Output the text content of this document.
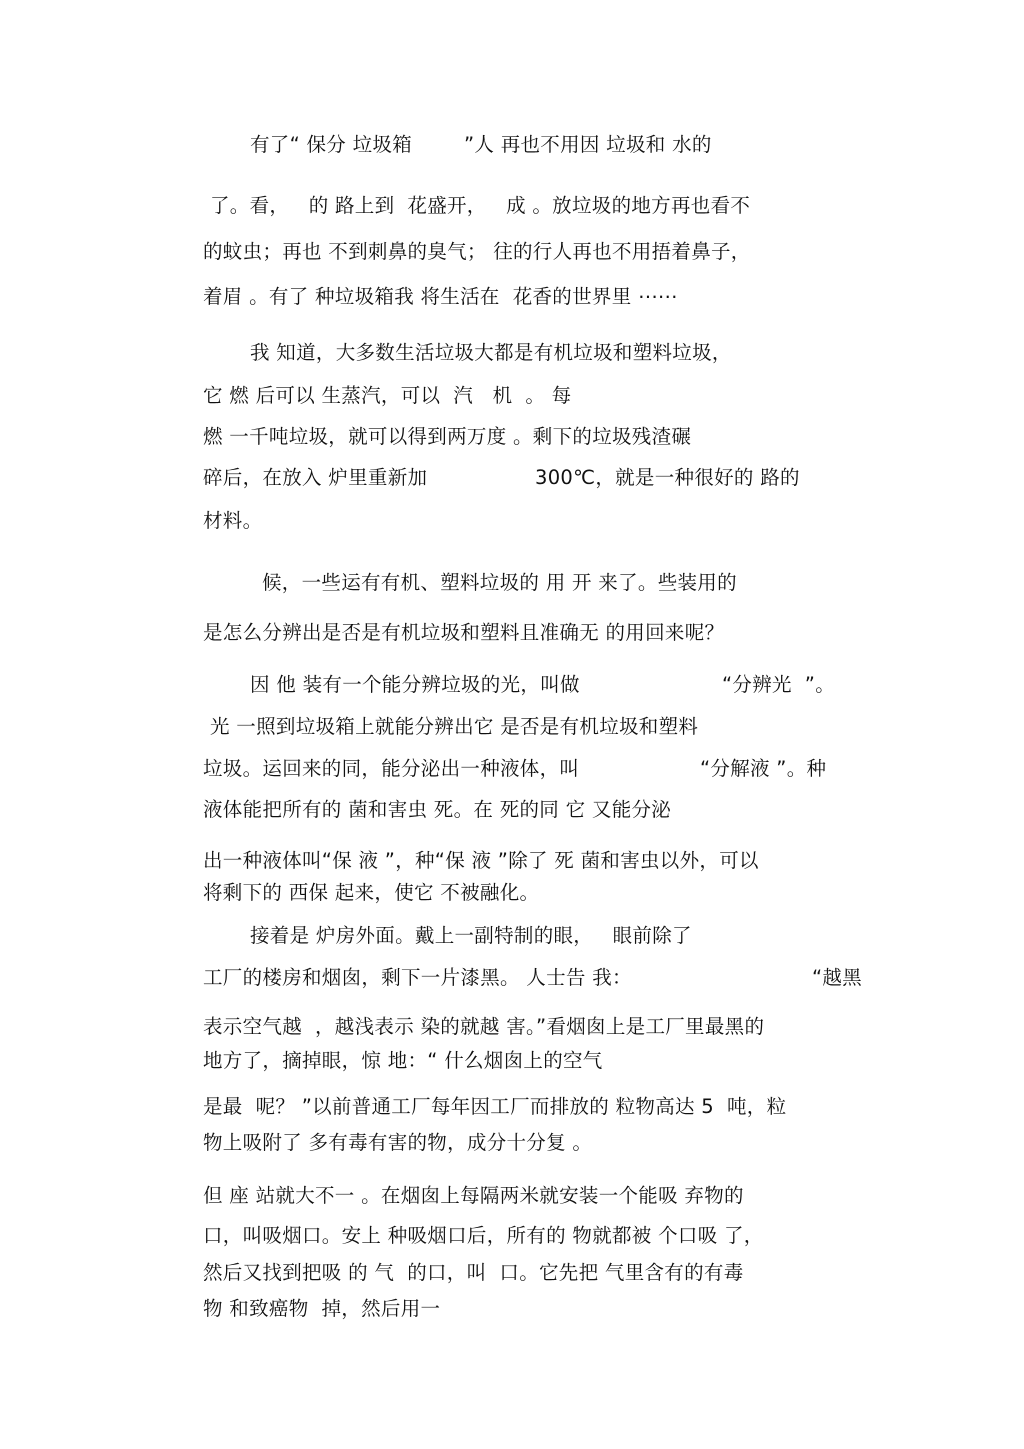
有了“ 保分 垃圾箱        ”人 再也不用因 垃圾和 水的
了。看，   的 路上到  花盛开，   成 。放垃圾的地方再也看不
的蚊虫；再也 不到刺鼻的臭气； 往的行人再也不用捂着鼻子，
着眉 。有了 种垃圾箱我 将生活在  花香的世界里 ⋯⋯
我 知道，大多数生活垃圾大都是有机垃圾和塑料垃圾，
它 燃 后可以 生蒸汽，可以  汽   机  。 每
燃 一千吨垃圾，就可以得到两万度 。剩下的垃圾残渣碾
碎后，在放入 炉里重新加	300℃，就是一种很好的 路的
材料。
候，一些运有有机、塑料垃圾的 用 开 来了。些装用的
是怎么分辨出是否是有机垃圾和塑料且准确无 的用回来呢？
因 他 装有一个能分辨垃圾的光，叫做	“分辨光  ”。
光 一照到垃圾箱上就能分辨出它 是否是有机垃圾和塑料
垃圾。运回来的同，能分泌出一种液体，叫	“分解液 ”。种
液体能把所有的 菌和害虫 死。在 死的同 它 又能分泌
出一种液体叫“保 液 ”，种“保 液 ”除了 死 菌和害虫以外，可以
将剩下的 西保 起来，使它 不被融化。
接着是 炉房外面。戴上一副特制的眼，   眼前除了
工厂的楼房和烟囱，剩下一片漆黑。 人士告 我：	“越黑
表示空气越  ，越浅表示 染的就越 害。”看烟囱上是工厂里最黑的
地方了，摘掉眼，惊 地：“ 什么烟囱上的空气
是最  呢？ ”以前普通工厂每年因工厂而排放的 粒物高达 5  吨，粒
物上吸附了 多有毒有害的物，成分十分复 。
但 座 站就大不一 。在烟囱上每隔两米就安装一个能吸 弃物的
口，叫吸烟口。安上 种吸烟口后，所有的 物就都被 个口吸 了，
然后又找到把吸 的 气  的口，叫  口。它先把 气里含有的有毒
物 和致癌物  掉，然后用一
